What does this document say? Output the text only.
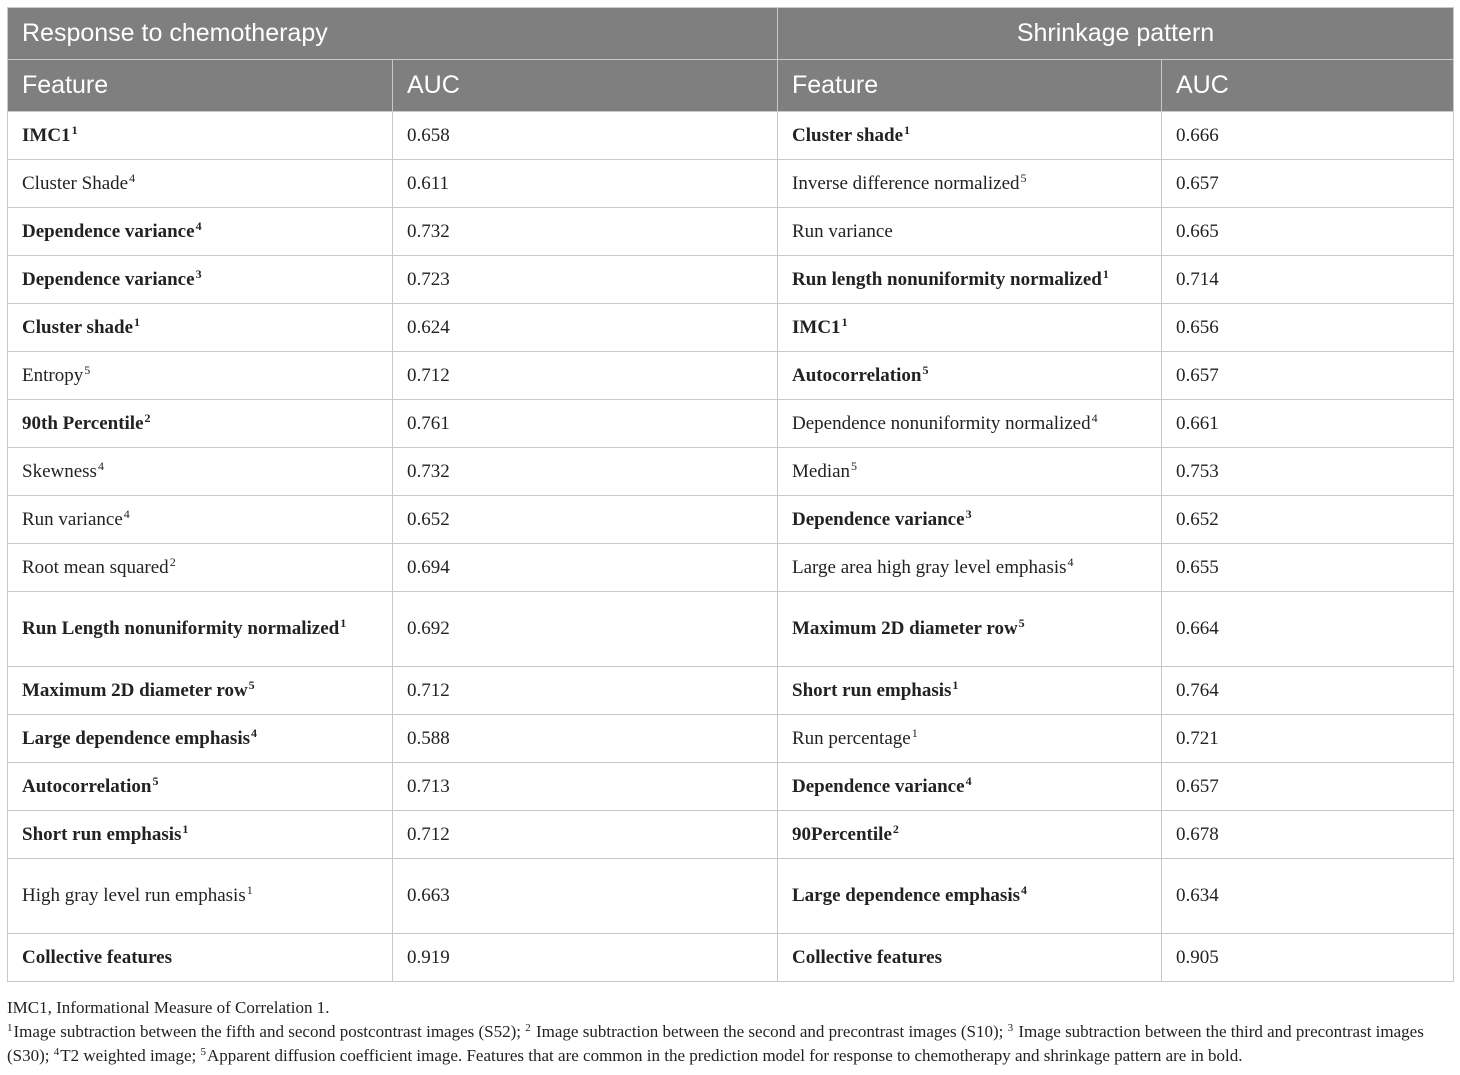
Response to chemotherapy		Shrinkage pattern	
Feature	AUC	Feature	AUC
$IMC1^1$	0.658	Cluster shade$^1$	0.666
Cluster Shade$^4$	0.611	Inverse difference normalized$^5$	0.657
Dependence variance$^4$	0.732	Run variance	0.665
Dependence variance$^3$	0.723	Run length nonuniformity normalized$^1$	0.714
Cluster shade$^1$	0.624	$IMC1^1$	0.656
Entropy$^5$	0.712	Autocorrelation$^5$	0.657
90th Percentile$^2$	0.761	Dependence nonuniformity normalized$^4$	0.661
Skewness$^4$	0.732	Median$^5$	0.753
Run variance$^4$	0.652	Dependence variance$^3$	0.652
Root mean squared$^2$	0.694	Large area high gray level emphasis$^4$	0.655
Run Length nonuniformity normalized$^1$	0.692	Maximum 2D diameter row$^5$	0.664
Maximum 2D diameter row$^5$	0.712	Short run emphasis$^1$	0.764
Large dependence emphasis$^4$	0.588	Run percentage$^1$	0.721
Autocorrelation$^5$	0.713	Dependence variance$^4$	0.657
Short run emphasis$^1$	0.712	90Percentile$^2$	0.678
High gray level run emphasis$^1$	0.663	Large dependence emphasis$^4$	0.634
Collective features	0.919	Collective features	0.905

IMC1, Informational Measure of Correlation 1.

$^1$Image subtraction between the fifth and second postcontrast images (S52); $^2$ Image subtraction between the second and precontrast images (S10); $^3$ Image subtraction between the third and precontrast images (S30); $^4$T2 weighted image; $^5$Apparent diffusion coefficient image. Features that are common in the prediction model for response to chemotherapy and shrinkage pattern are in bold.
